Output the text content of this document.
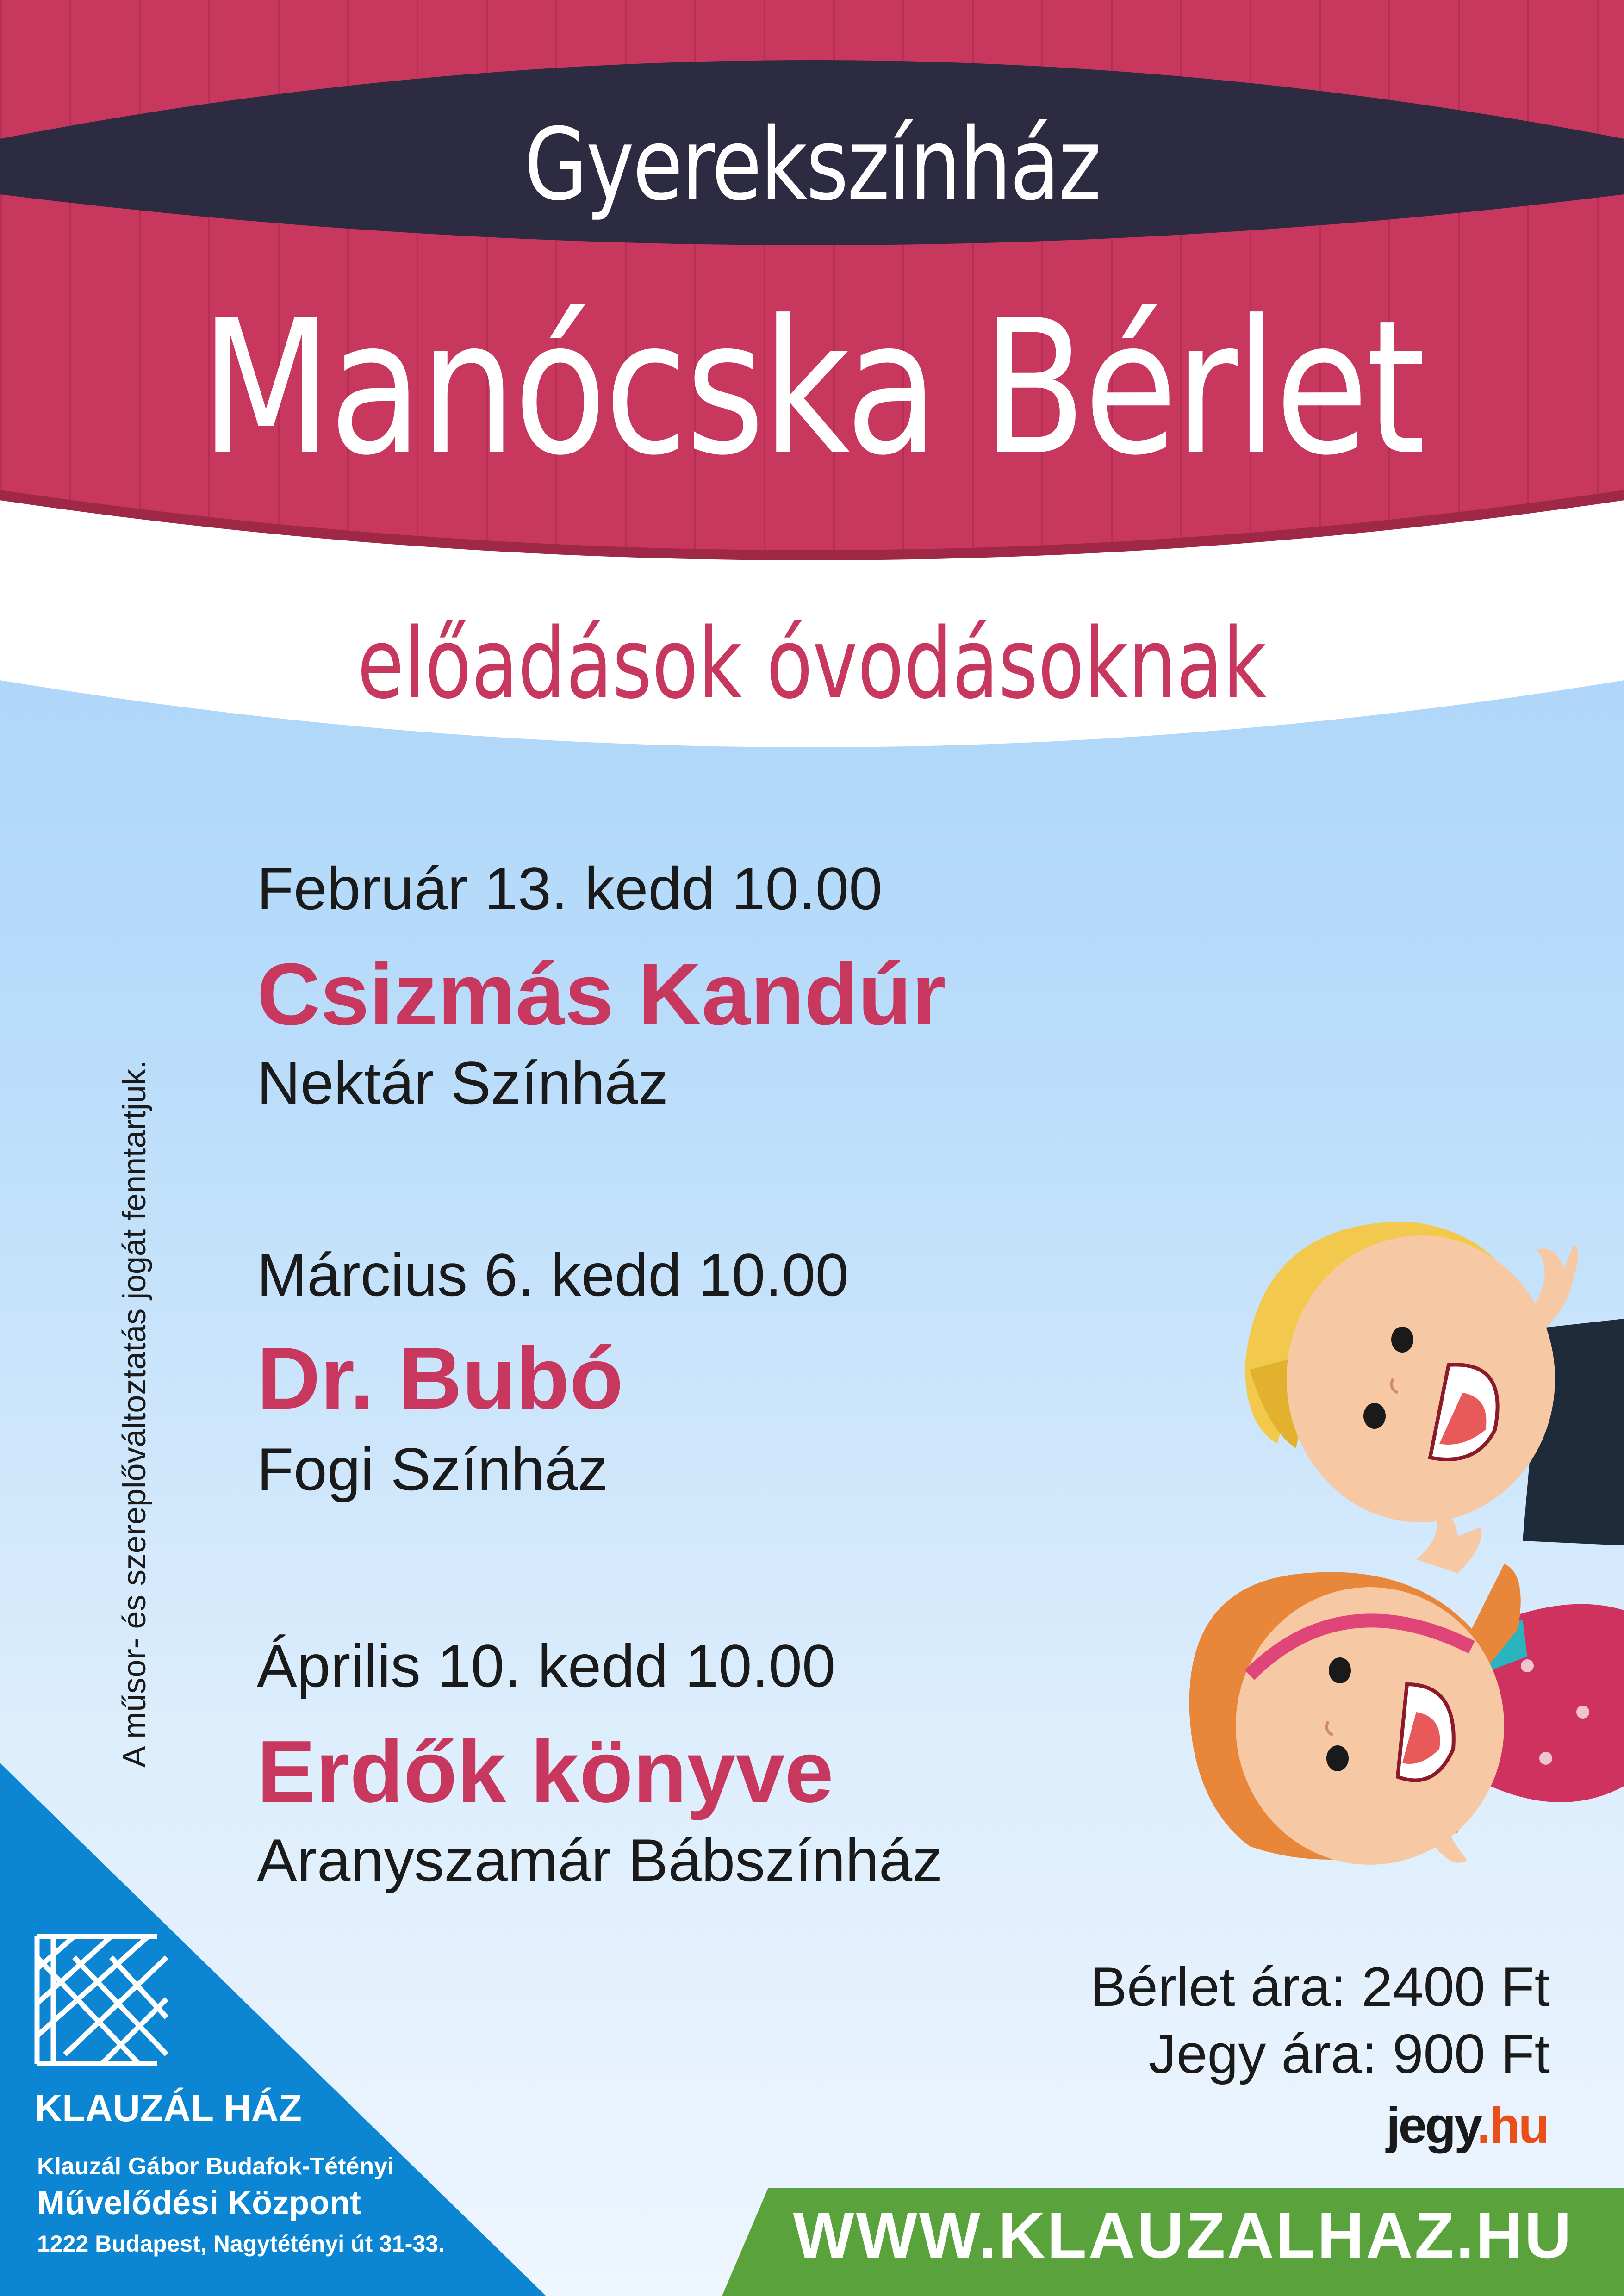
Gyerekszínház
Manócska Bérlet
előadások óvodásoknak
A műsor- és szereplőváltoztatás jogát fenntartjuk.
Február 13. kedd 10.00
Csizmás Kandúr
Nektár Színház
Március 6. kedd 10.00
Dr. Bubó
Fogi Színház
Április 10. kedd 10.00
Erdők könyve
Aranyszamár Bábszínház
Bérlet ára: 2400 Ft
Jegy ára: 900 Ft
jegy.hu
KLAUZÁL HÁZ
Klauzál Gábor Budafok-Tétényi
Művelődési Központ
1222 Budapest, Nagytétényi út 31-33.	WWW.KLAUZALHAZ.HU
